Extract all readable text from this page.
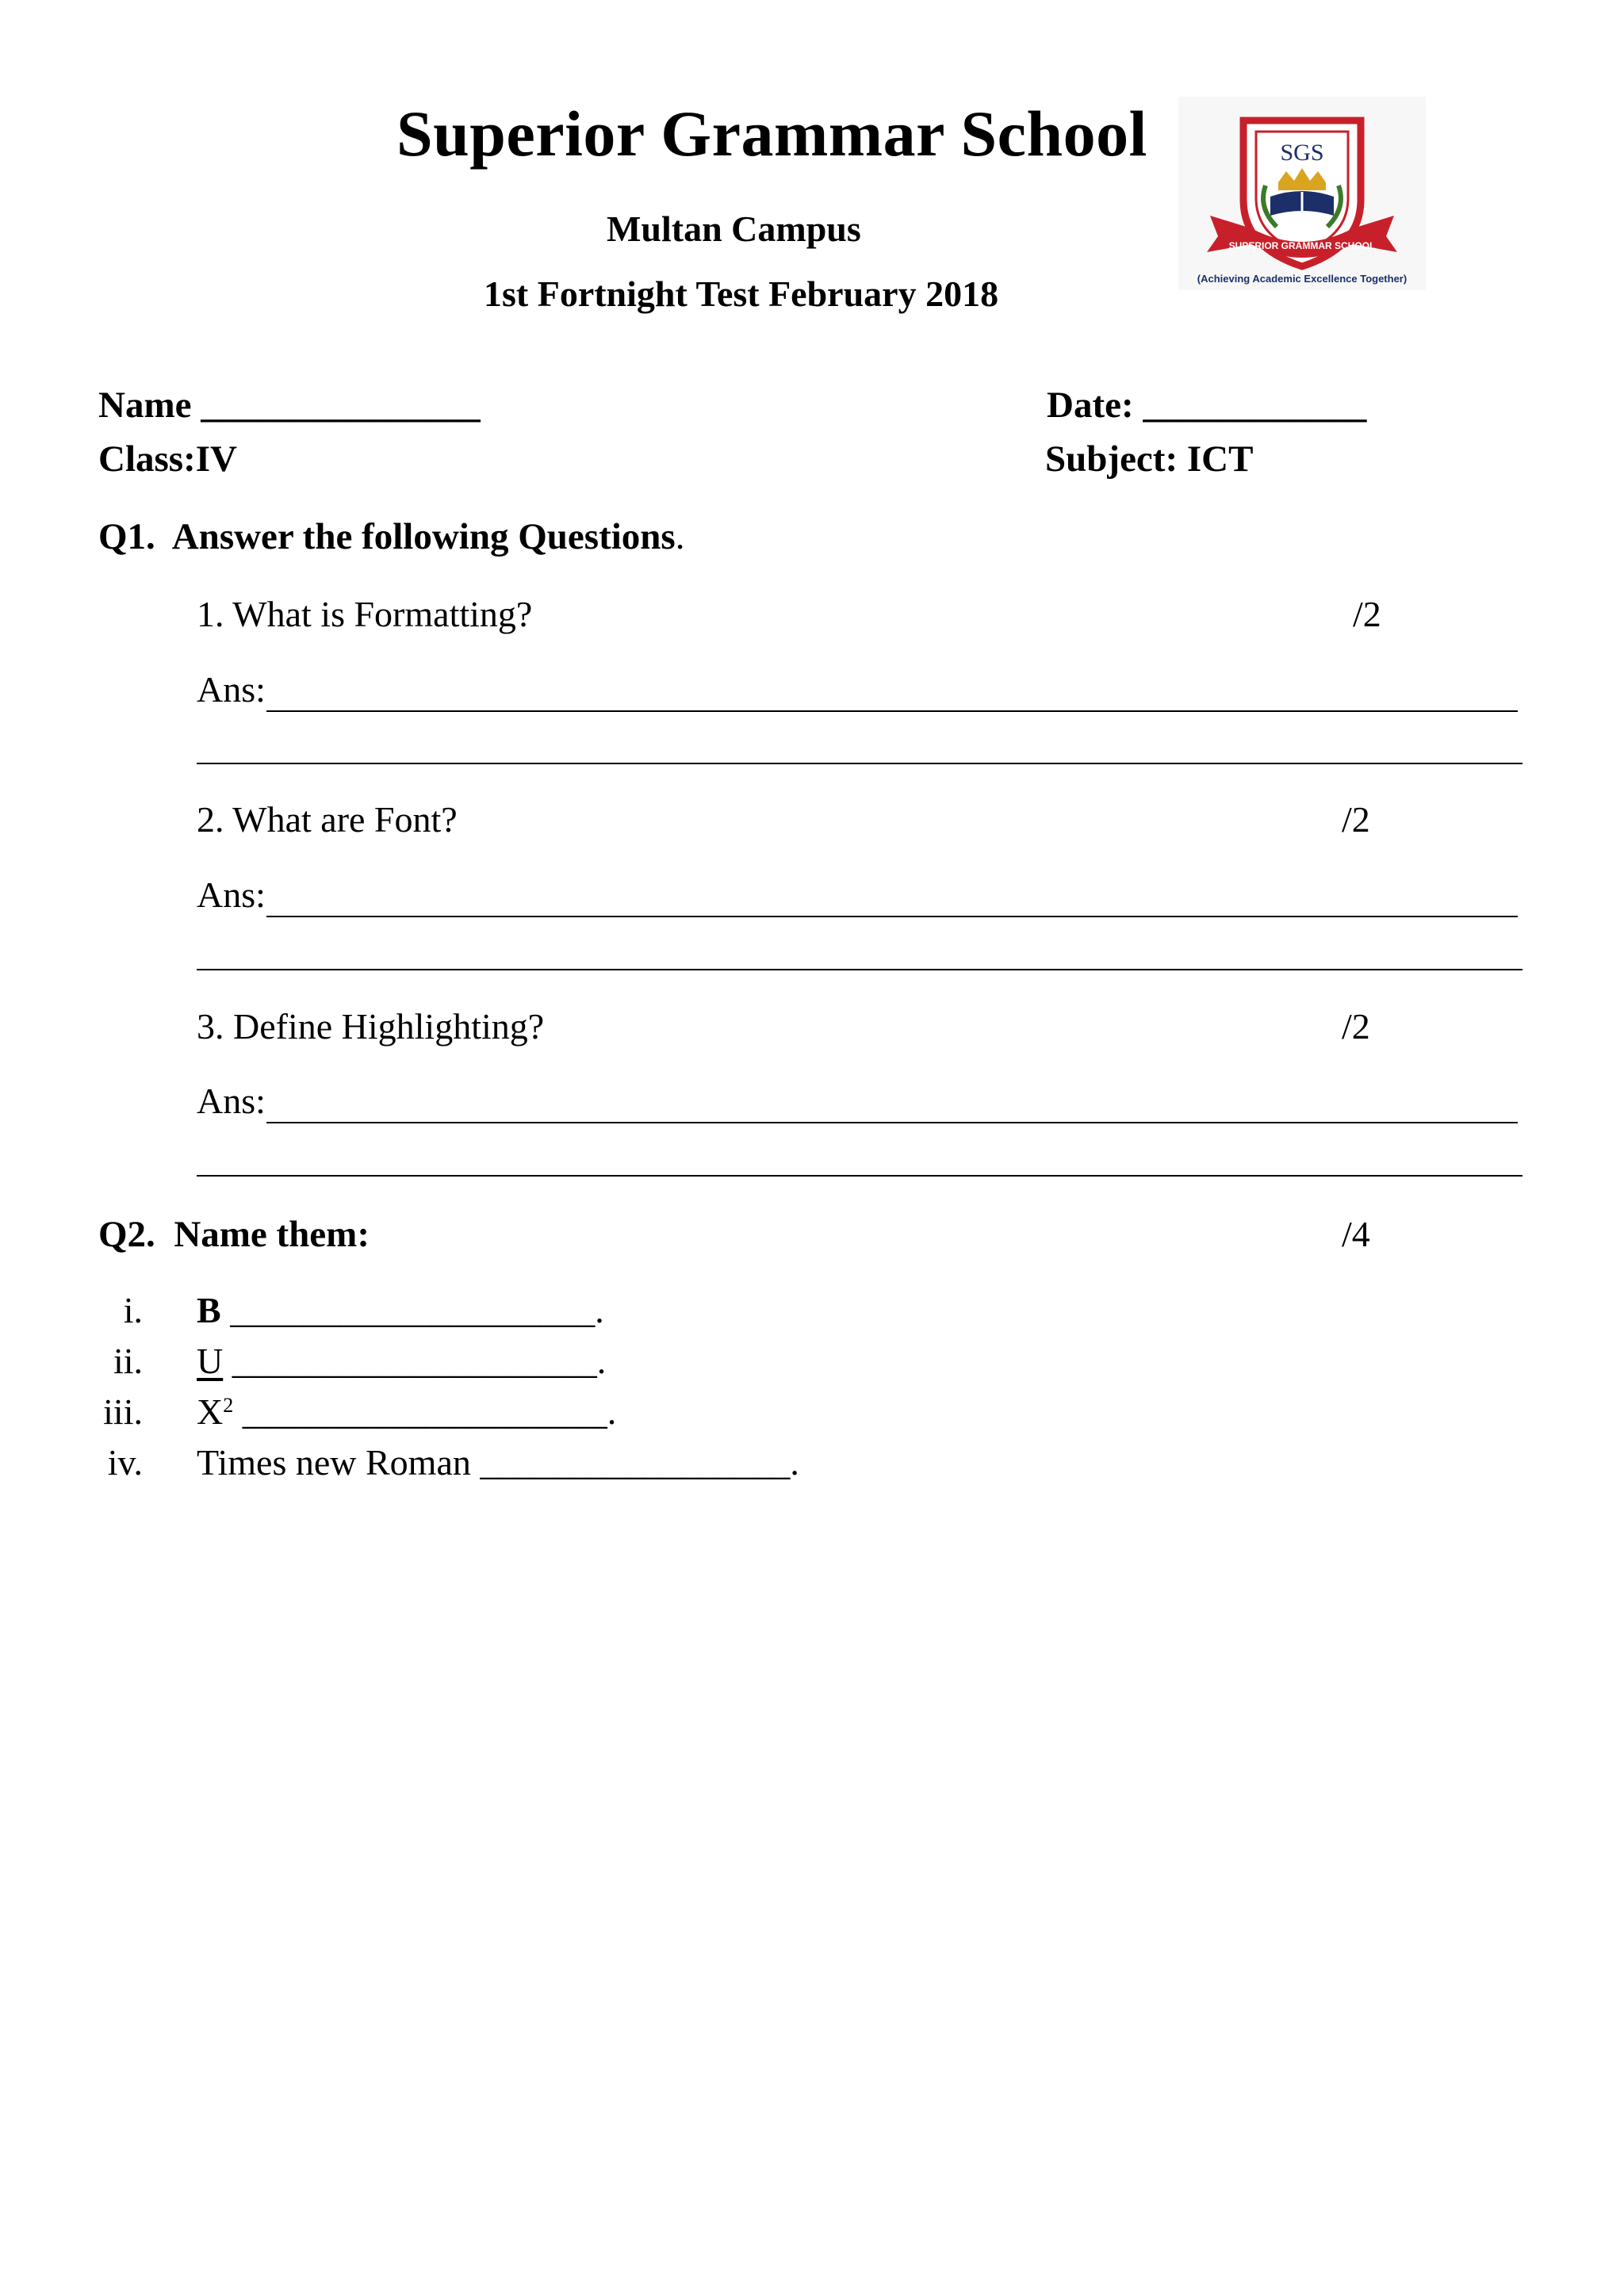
Superior Grammar School
Multan Campus
1st Fortnight Test February 2018
SGS
SUPERIOR GRAMMAR SCHOOL
(Achieving Academic Excellence Together)
Name _______________	Date: ____________
Class:IV	Subject: ICT
Q1. Answer the following Questions.
1. What is Formatting?	/2
Ans:
2. What are Font?	/2
Ans:
3. Define Highlighting?	/2
Ans:
Q2. Name them:	/4
i. B ____________________.
ii. U ____________________.
iii. $X^2$ ____________________.
iv. Times new Roman _________________.
